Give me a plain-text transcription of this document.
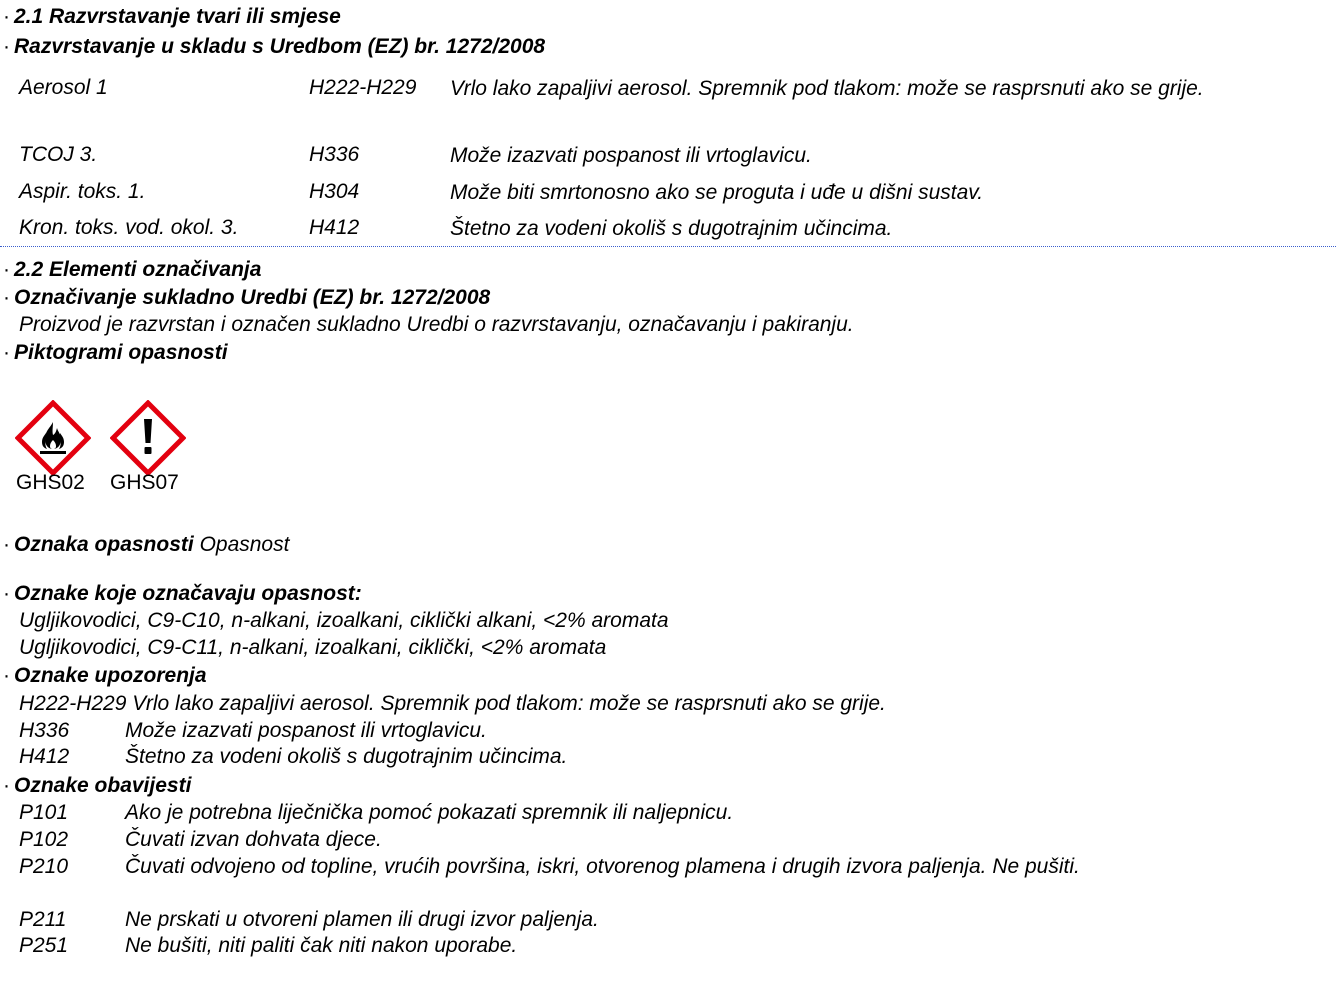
· 2.1 Razvrstavanje tvari ili smjese
· Razvrstavanje u skladu s Uredbom (EZ) br. 1272/2008
Aerosol 1	H222-H229 Vrlo lako zapaljivi aerosol. Spremnik pod tlakom: može se rasprsnuti ako se grije.
TCOJ 3.	H336	Može izazvati pospanost ili vrtoglavicu.
Aspir. toks. 1.	H304	Može biti smrtonosno ako se proguta i uđe u dišni sustav.
Kron. toks. vod. okol. 3.	H412	Štetno za vodeni okoliš s dugotrajnim učincima.
· 2.2 Elementi označivanja
· Označivanje sukladno Uredbi (EZ) br. 1272/2008
Proizvod je razvrstan i označen sukladno Uredbi o razvrstavanju, označavanju i pakiranju.
· Piktogrami opasnosti
GHS02 GHS07
· Oznaka opasnosti Opasnost
· Oznake koje označavaju opasnost:
Ugljikovodici, C9-C10, n-alkani, izoalkani, ciklički alkani, <2% aromata
Ugljikovodici, C9-C11, n-alkani, izoalkani, ciklički, <2% aromata
· Oznake upozorenja
H222-H229 Vrlo lako zapaljivi aerosol. Spremnik pod tlakom: može se rasprsnuti ako se grije.
H336	Može izazvati pospanost ili vrtoglavicu.
H412	Štetno za vodeni okoliš s dugotrajnim učincima.
· Oznake obavijesti
P101	Ako je potrebna liječnička pomoć pokazati spremnik ili naljepnicu.
P102	Čuvati izvan dohvata djece.
P210	Čuvati odvojeno od topline, vrućih površina, iskri, otvorenog plamena i drugih izvora paljenja. Ne pušiti.
P211	Ne prskati u otvoreni plamen ili drugi izvor paljenja.
P251	Ne bušiti, niti paliti čak niti nakon uporabe.
